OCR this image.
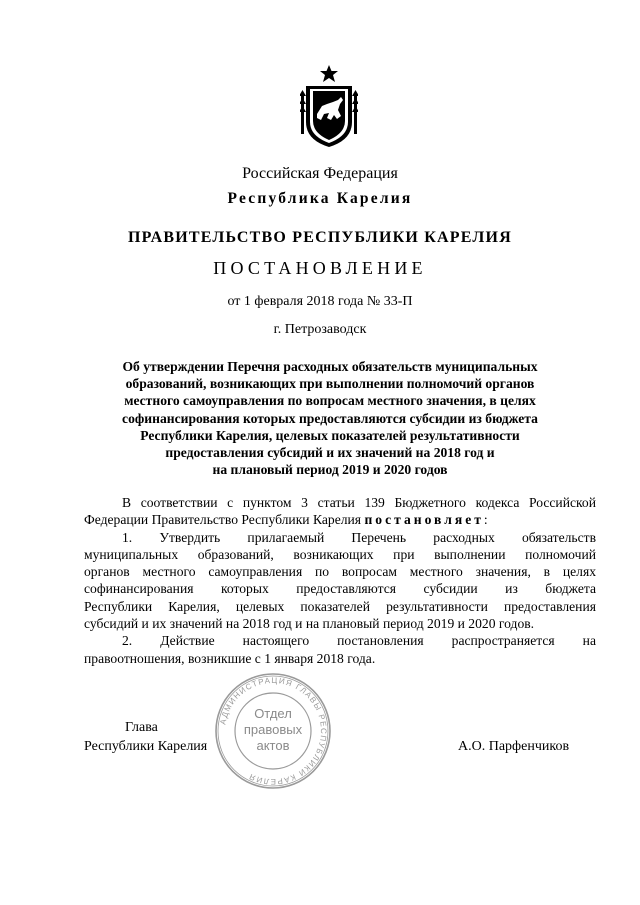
Российская Федерация
Республика Карелия
ПРАВИТЕЛЬСТВО РЕСПУБЛИКИ КАРЕЛИЯ
ПОСТАНОВЛЕНИЕ
от 1 февраля 2018 года № 33-П
г. Петрозаводск
Об утверждении Перечня расходных обязательств муниципальных
образований, возникающих при выполнении полномочий органов
местного самоуправления по вопросам местного значения, в целях
софинансирования которых предоставляются субсидии из бюджета
Республики Карелия, целевых показателей результативности
предоставления субсидий и их значений на 2018 год и
на плановый период 2019 и 2020 годов
В соответствии с пунктом 3 статьи 139 Бюджетного кодекса Российской
Федерации Правительство Республики Карелия постановляет:
1. Утвердить прилагаемый Перечень расходных обязательств
муниципальных образований, возникающих при выполнении полномочий
органов местного самоуправления по вопросам местного значения, в целях
софинансирования которых предоставляются субсидии из бюджета
Республики Карелия, целевых показателей результативности предоставления
субсидий и их значений на 2018 год и на плановый период 2019 и 2020 годов.
2. Действие настоящего постановления распространяется на
правоотношения, возникшие с 1 января 2018 года.
Глава
Республики Карелия	А.О. Парфенчиков
АДМИНИСТРАЦИЯ ГЛАВЫ РЕСПУБЛИКИ КАРЕЛИЯ
Отдел
правовых
актов
